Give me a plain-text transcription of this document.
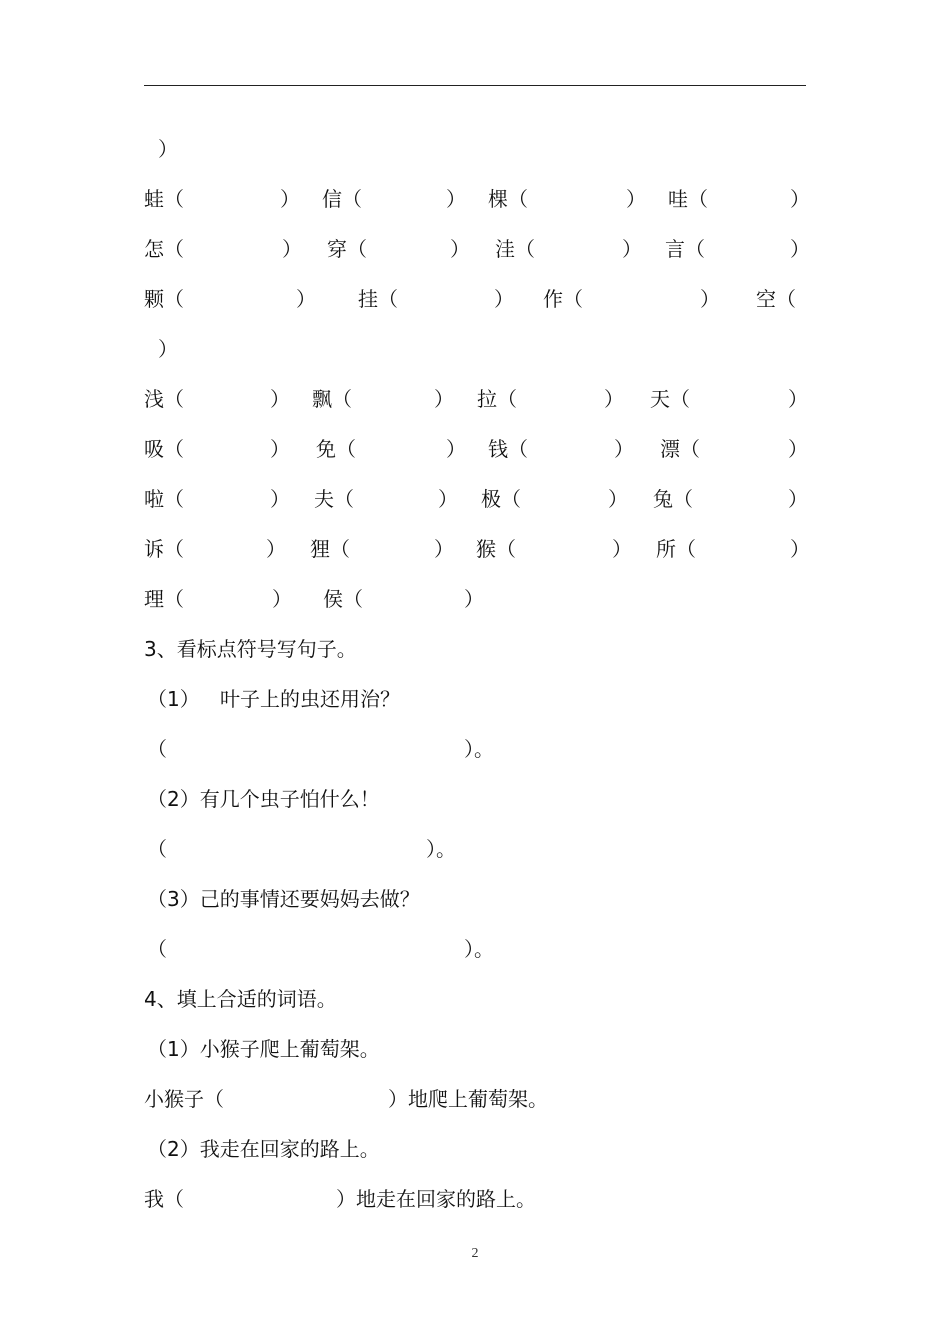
）
蛙（	） 信（	） 棵（	） 哇（	）
怎（	） 穿（	） 洼（	） 言（	）
颗（	） 挂（	） 作（	） 空（
）
浅（	） 飘（	） 拉（	） 天（	）
吸（	） 免（	） 钱（	） 漂（	）
啦（	） 夫（	） 极（	） 兔（	）
诉（	） 狸（	） 猴（	） 所（	）
理（	） 侯（	）
3、看标点符号写句子。
（1） 叶子上的虫还用治？
（	）。
（2）有几个虫子怕什么！
（	）。
（3）己的事情还要妈妈去做？
（	）。
4、填上合适的词语。
（1）小猴子爬上葡萄架。
小猴子（	）地爬上葡萄架。
（2）我走在回家的路上。
我（	）地走在回家的路上。
2
